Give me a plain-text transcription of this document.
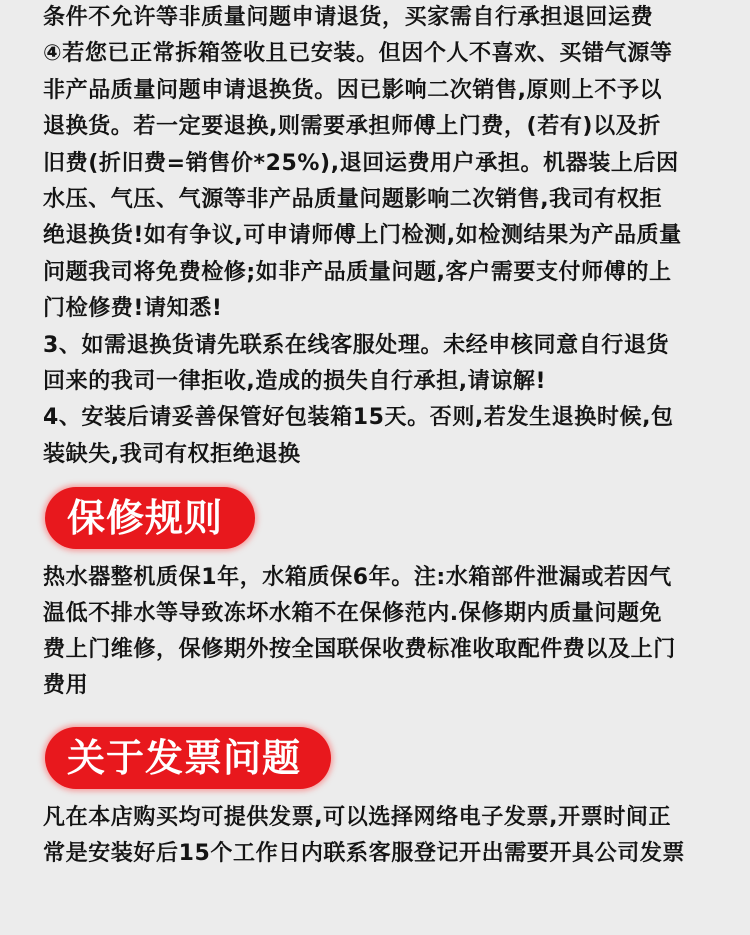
条件不允许等非质量问题申请退货，买家需自行承担退回运费
④若您已正常拆箱签收且已安装。但因个人不喜欢、买错气源等
非产品质量问题申请退换货。因已影响二次销售,原则上不予以
退换货。若一定要退换,则需要承担师傅上门费，(若有)以及折
旧费(折旧费=销售价*25%),退回运费用户承担。机器装上后因
水压、气压、气源等非产品质量问题影响二次销售,我司有权拒
绝退换货!如有争议,可申请师傅上门检测,如检测结果为产品质量
问题我司将免费检修;如非产品质量问题,客户需要支付师傅的上
门检修费!请知悉!
3、如需退换货请先联系在线客服处理。未经申核同意自行退货
回来的我司一律拒收,造成的损失自行承担,请谅解!
4、安装后请妥善保管好包装箱15天。否则,若发生退换时候,包
装缺失,我司有权拒绝退换
保修规则
热水器整机质保1年，水箱质保6年。注:水箱部件泄漏或若因气
温低不排水等导致冻坏水箱不在保修范内.保修期内质量问题免
费上门维修，保修期外按全国联保收费标准收取配件费以及上门
费用
关于发票问题
凡在本店购买均可提供发票,可以选择网络电子发票,开票时间正
常是安装好后15个工作日内联系客服登记开出需要开具公司发票
